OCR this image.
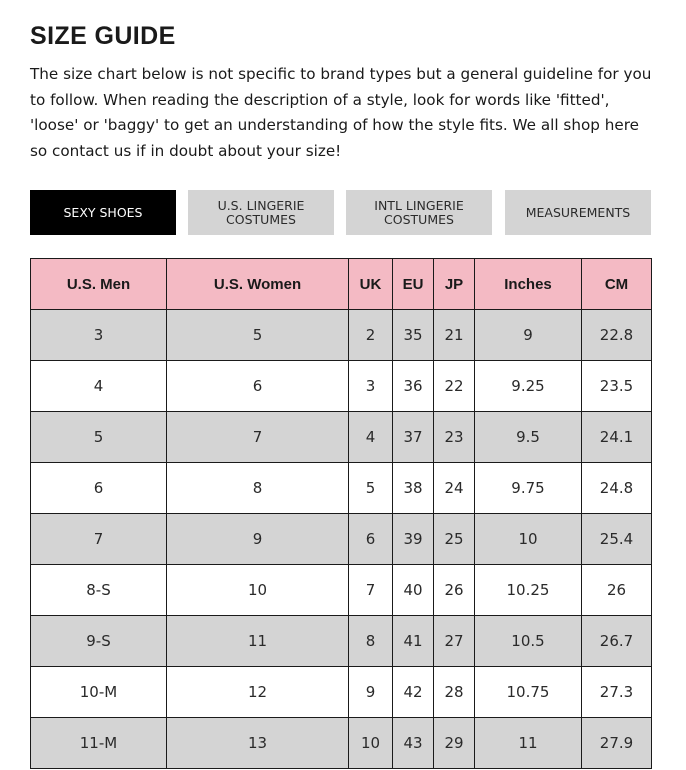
SIZE GUIDE

The size chart below is not specific to brand types but a general guideline for you to follow. When reading the description of a style, look for words like 'fitted', 'loose' or 'baggy' to get an understanding of how the style fits. We all shop here so contact us if in doubt about your size!

SEXY SHOES	U.S. LINGERIE
COSTUMES
INTL LINGERIE
COSTUMES	MEASUREMENTS
U.S. Men	U.S. Women	UK	EU	JP	Inches	CM
3	5	2	35	21	9	22.8
4	6	3	36	22	9.25	23.5
5	7	4	37	23	9.5	24.1
6	8	5	38	24	9.75	24.8
7	9	6	39	25	10	25.4
8-S	10	7	40	26	10.25	26
9-S	11	8	41	27	10.5	26.7
10-M	12	9	42	28	10.75	27.3
11-M	13	10	43	29	11	27.9
